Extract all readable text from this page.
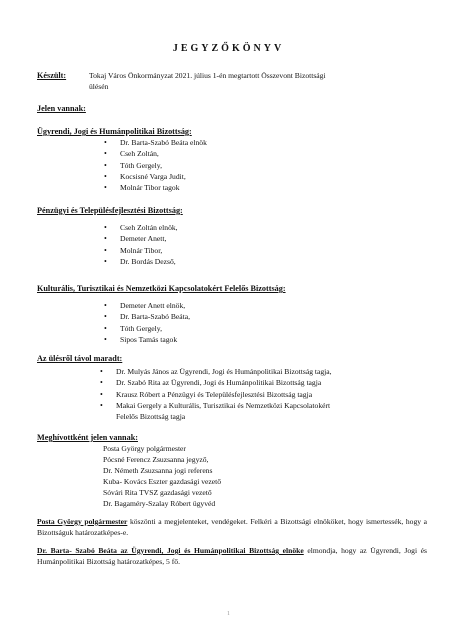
JEGYZŐKÖNYV
Készült:	Tokaj Város Önkormányzat 2021. július 1-én megtartott Összevont Bizottsági
ülésén
Jelen vannak:
Ügyrendi, Jogi és Humánpolitikai Bizottság:
• Dr. Barta-Szabó Beáta elnök
• Cseh Zoltán,
• Tóth Gergely,
• Kocsisné Varga Judit,
• Molnár Tibor tagok
Pénzügyi és Településfejlesztési Bizottság:
• Cseh Zoltán elnök,
• Demeter Anett,
• Molnár Tibor,
• Dr. Bordás Dezső,
Kulturális, Turisztikai és Nemzetközi Kapcsolatokért Felelős Bizottság:
• Demeter Anett elnök,
• Dr. Barta-Szabó Beáta,
• Tóth Gergely,
• Sipos Tamás tagok
Az ülésről távol maradt:
• Dr. Mulyás János az Ügyrendi, Jogi és Humánpolitikai Bizottság tagja,
• Dr. Szabó Rita az Ügyrendi, Jogi és Humánpolitikai Bizottság tagja
• Krausz Róbert a Pénzügyi és Településfejlesztési Bizottság tagja
• Makai Gergely a Kulturális, Turisztikai és Nemzetközi Kapcsolatokért
Felelős Bizottság tagja
Meghívottként jelen vannak:
Posta György polgármester
Pócsné Ferencz Zsuzsanna jegyző,
Dr. Németh Zsuzsanna jogi referens
Kuba- Kovács Eszter gazdasági vezető
Sóvári Rita TVSZ gazdasági vezető
Dr. Bagaméry-Szalay Róbert ügyvéd
Posta György polgármester köszönti a megjelenteket, vendégeket. Felkéri a Bizottsági elnököket, hogy ismertessék, hogy a Bizottságuk határozatképes-e.
Dr. Barta- Szabó Beáta az Ügyrendi, Jogi és Humánpolitikai Bizottság elnöke elmondja, hogy az Ügyrendi, Jogi és Humánpolitikai Bizottság határozatképes, 5 fő.
1
